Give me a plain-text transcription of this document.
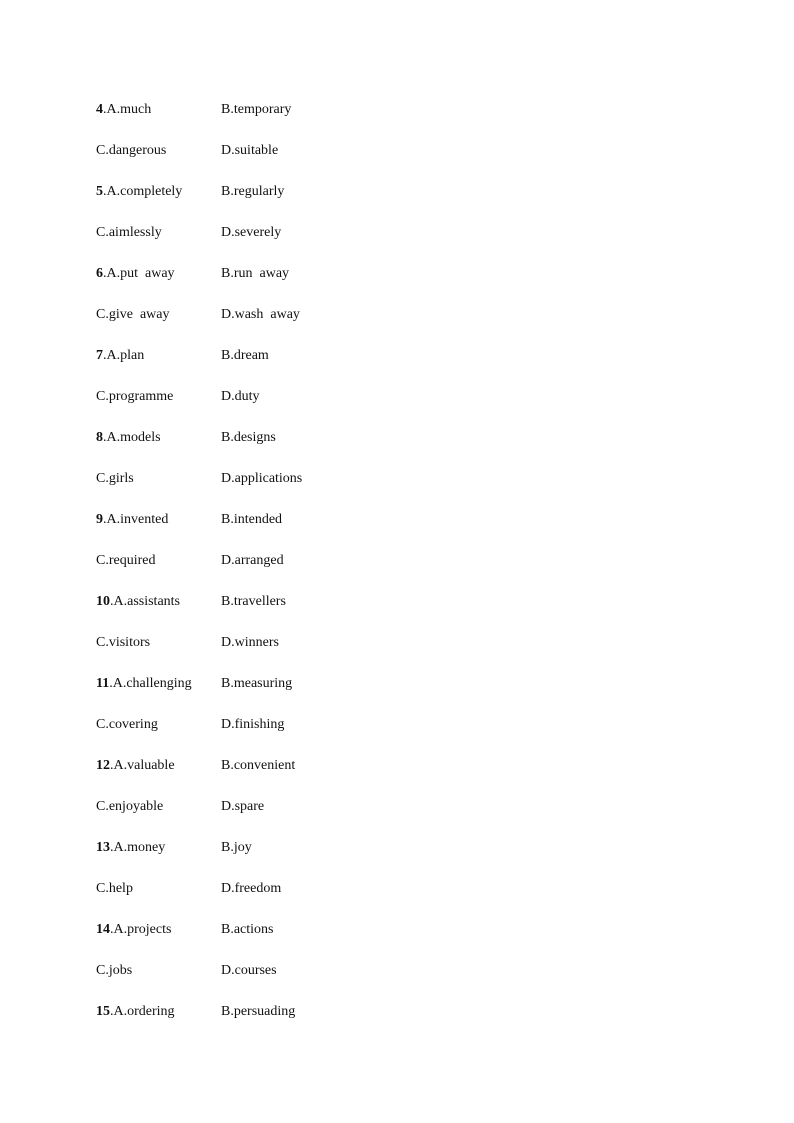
4.A.much	B.temporary
C.dangerous	D.suitable
5.A.completely	B.regularly
C.aimlessly	D.severely
6.A.put  away	B.run  away
C.give  away	D.wash  away
7.A.plan	B.dream
C.programme	D.duty
8.A.models	B.designs
C.girls	D.applications
9.A.invented	B.intended
C.required	D.arranged
10.A.assistants	B.travellers
C.visitors	D.winners
11.A.challenging B.measuring
C.covering	D.finishing
12.A.valuable	B.convenient
C.enjoyable	D.spare
13.A.money	B.joy
C.help	D.freedom
14.A.projects	B.actions
C.jobs	D.courses
15.A.ordering	B.persuading
